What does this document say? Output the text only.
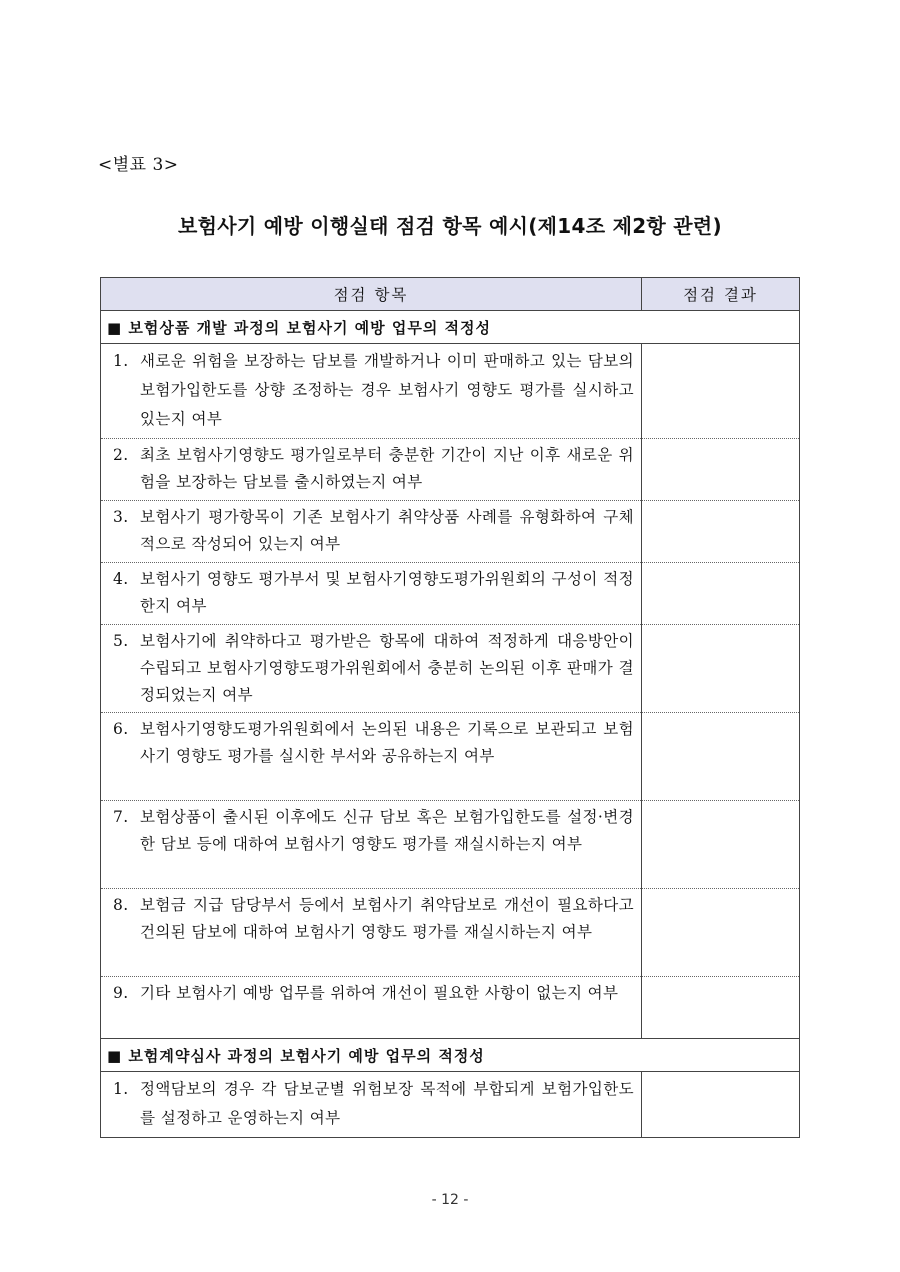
<별표 3>
보험사기 예방 이행실태 점검 항목 예시(제14조 제2항 관련)
점검 항목	점검 결과
■ 보험상품 개발 과정의 보험사기 예방 업무의 적정성	

1. 새로운 위험을 보장하는 담보를 개발하거나 이미 판매하고 있는 담보의 보험가입한도를 상향 조정하는 경우 보험사기 영향도 평가를 실시하고 있는지 여부	

2. 최초 보험사기영향도 평가일로부터 충분한 기간이 지난 이후 새로운 위험을 보장하는 담보를 출시하였는지 여부	

3. 보험사기 평가항목이 기존 보험사기 취약상품 사례를 유형화하여 구체적으로 작성되어 있는지 여부	

4. 보험사기 영향도 평가부서 및 보험사기영향도평가위원회의 구성이 적정한지 여부	

5. 보험사기에 취약하다고 평가받은 항목에 대하여 적정하게 대응방안이 수립되고 보험사기영향도평가위원회에서 충분히 논의된 이후 판매가 결정되었는지 여부	

6. 보험사기영향도평가위원회에서 논의된 내용은 기록으로 보관되고 보험사기 영향도 평가를 실시한 부서와 공유하는지 여부	

7. 보험상품이 출시된 이후에도 신규 담보 혹은 보험가입한도를 설정·변경한 담보 등에 대하여 보험사기 영향도 평가를 재실시하는지 여부	

8. 보험금 지급 담당부서 등에서 보험사기 취약담보로 개선이 필요하다고 건의된 담보에 대하여 보험사기 영향도 평가를 재실시하는지 여부	

9. 기타 보험사기 예방 업무를 위하여 개선이 필요한 사항이 없는지 여부	

■ 보험계약심사 과정의 보험사기 예방 업무의 적정성	

1. 정액담보의 경우 각 담보군별 위험보장 목적에 부합되게 보험가입한도를 설정하고 운영하는지 여부	

- 12 -
